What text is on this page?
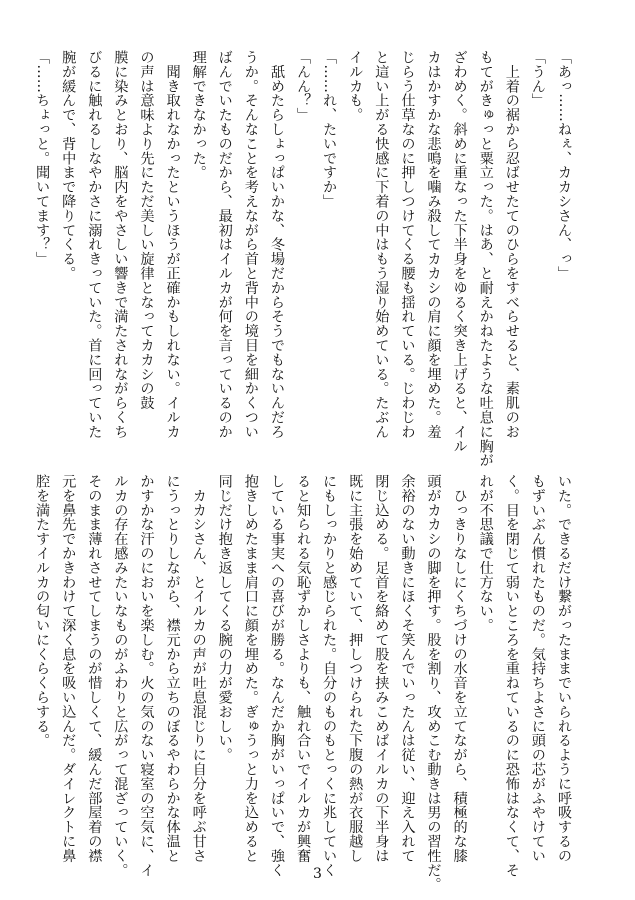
「あっ……ねぇ、カカシさん、っ」
「うん」
　上着の裾から忍ばせたてのひらをすべらせると、素肌のお
もてがきゅっと粟立った。はあ、と耐えかねたような吐息に胸が
ざわめく。斜めに重なった下半身をゆるく突き上げると、イル
カはかすかな悲鳴を噛み殺してカカシの肩に顔を埋めた。羞
じらう仕草なのに押しつけてくる腰も揺れている。じわじわ
と這い上がる快感に下着の中はもう湿り始めている。たぶん
イルカも。
「……れ、たいですか」
「んん？」
　舐めたらしょっぱいかな、冬場だからそうでもないんだろ
うか。そんなことを考えながら首と背中の境目を細かくつい
ばんでいたものだから、最初はイルカが何を言っているのか
理解できなかった。
　聞き取れなかったというほうが正確かもしれない。イルカ
の声は意味より先にただ美しい旋律となってカカシの鼓
膜に染みとおり、脳内をやさしい響きで満たされながらくち
びるに触れるしなやかさに溺れきっていた。首に回っていた
腕が緩んで、背中まで降りてくる。
「……ちょっと。聞いてます？」
いた。できるだけ繋がったままでいられるように呼吸するの
もずいぶん慣れたものだ。気持ちよさに頭の芯がふやけてい
く。目を閉じて弱いところを重ねているのに恐怖はなくて、そ
れが不思議で仕方ない。
　ひっきりなしにくちづけの水音を立てながら、積極的な膝
頭がカカシの脚を押す。股を割り、攻めこむ動きは男の習性だ。
余裕のない動きにほくそ笑んでいったんは従い、迎え入れて
閉じ込める。足首を絡めて股を挟みこめばイルカの下半身は
既に主張を始めていて、押しつけられた下腹の熱が衣服越し
にもしっかりと感じられた。自分のものもとっくに兆していく
ると知られる気恥ずかしさよりも、触れ合いでイルカが興奮
している事実への喜びが勝る。なんだか胸がいっぱいで、強く
抱きしめたまま肩口に顔を埋めた。ぎゅうっと力を込めると
同じだけ抱き返してくる腕の力が愛おしい。
　カカシさん、とイルカの声が吐息混じりに自分を呼ぶ甘さ
にうっとりしながら、襟元から立ちのぼるやわらかな体温と
かすかな汗のにおいを楽しむ。火の気のない寝室の空気に、イ
ルカの存在感みたいなものがふわりと広がって混ざっていく。
そのまま薄れさせてしまうのが惜しくて、緩んだ部屋着の襟
元を鼻先でかきわけて深く息を吸い込んだ。ダイレクトに鼻
腔を満たすイルカの匂いにくらくらする。
3
